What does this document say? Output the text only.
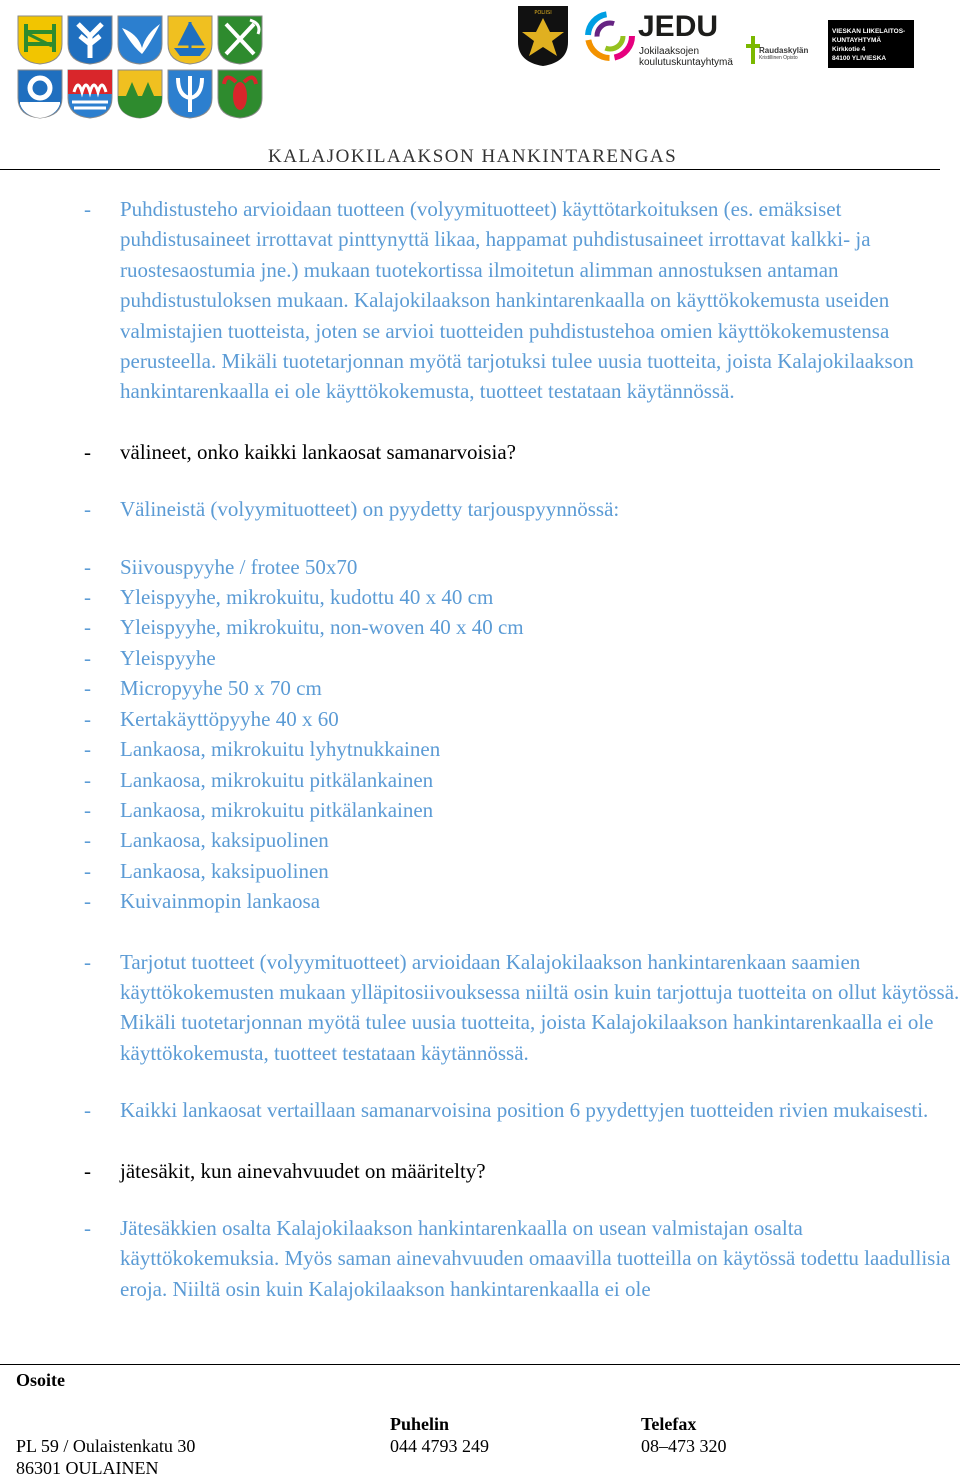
POLIISI	JEDU
Jokilaaksojen
koulutuskuntayhtymä
Raudaskylän
Kristillinen Opisto
VIESKAN LIIKELAITOS-
KUNTAYHTYMÄ
Kirkkotie 4
84100 YLIVIESKA
KALAJOKILAAKSON HANKINTARENGAS
- Puhdistusteho arvioidaan tuotteen (volyymituotteet) käyttötarkoituksen (es. emäksiset puhdistusaineet irrottavat pinttynyttä likaa, happamat puhdistusaineet irrottavat kalkki- ja ruostesaostumia jne.) mukaan tuotekortissa ilmoitetun alimman annostuksen antaman puhdistustuloksen mukaan. Kalajokilaakson hankintarenkaalla on käyttökokemusta useiden valmistajien tuotteista, joten se arvioi tuotteiden puhdistustehoa omien käyttökokemustensa perusteella. Mikäli tuotetarjonnan myötä tarjotuksi tulee uusia tuotteita, joista Kalajokilaakson hankintarenkaalla ei ole käyttökokemusta, tuotteet testataan käytännössä.
- välineet, onko kaikki lankaosat samanarvoisia?
- Välineistä (volyymituotteet) on pyydetty tarjouspyynnössä:
- Siivouspyyhe / frotee 50x70
- Yleispyyhe, mikrokuitu, kudottu 40 x 40 cm
- Yleispyyhe, mikrokuitu, non-woven 40 x 40 cm
- Yleispyyhe
- Micropyyhe 50 x 70 cm
- Kertakäyttöpyyhe 40 x 60
- Lankaosa, mikrokuitu lyhytnukkainen
- Lankaosa, mikrokuitu pitkälankainen
- Lankaosa, mikrokuitu pitkälankainen
- Lankaosa, kaksipuolinen
- Lankaosa, kaksipuolinen
- Kuivainmopin lankaosa
- Tarjotut tuotteet (volyymituotteet) arvioidaan Kalajokilaakson hankintarenkaan saamien käyttökokemusten mukaan ylläpitosiivouksessa niiltä osin kuin tarjottuja tuotteita on ollut käytössä. Mikäli tuotetarjonnan myötä tulee uusia tuotteita, joista Kalajokilaakson hankintarenkaalla ei ole käyttökokemusta, tuotteet testataan käytännössä.
- Kaikki lankaosat vertaillaan samanarvoisina position 6 pyydettyjen tuotteiden rivien mukaisesti.
- jätesäkit, kun ainevahvuudet on määritelty?
- Jätesäkkien osalta Kalajokilaakson hankintarenkaalla on usean valmistajan osalta käyttökokemuksia. Myös saman ainevahvuuden omaavilla tuotteilla on käytössä todettu laadullisia eroja. Niiltä osin kuin Kalajokilaakson hankintarenkaalla ei ole
Osoite
Puhelin	Telefax
PL 59 / Oulaistenkatu 30	044 4793 249	08–473 320
86301 OULAINEN
